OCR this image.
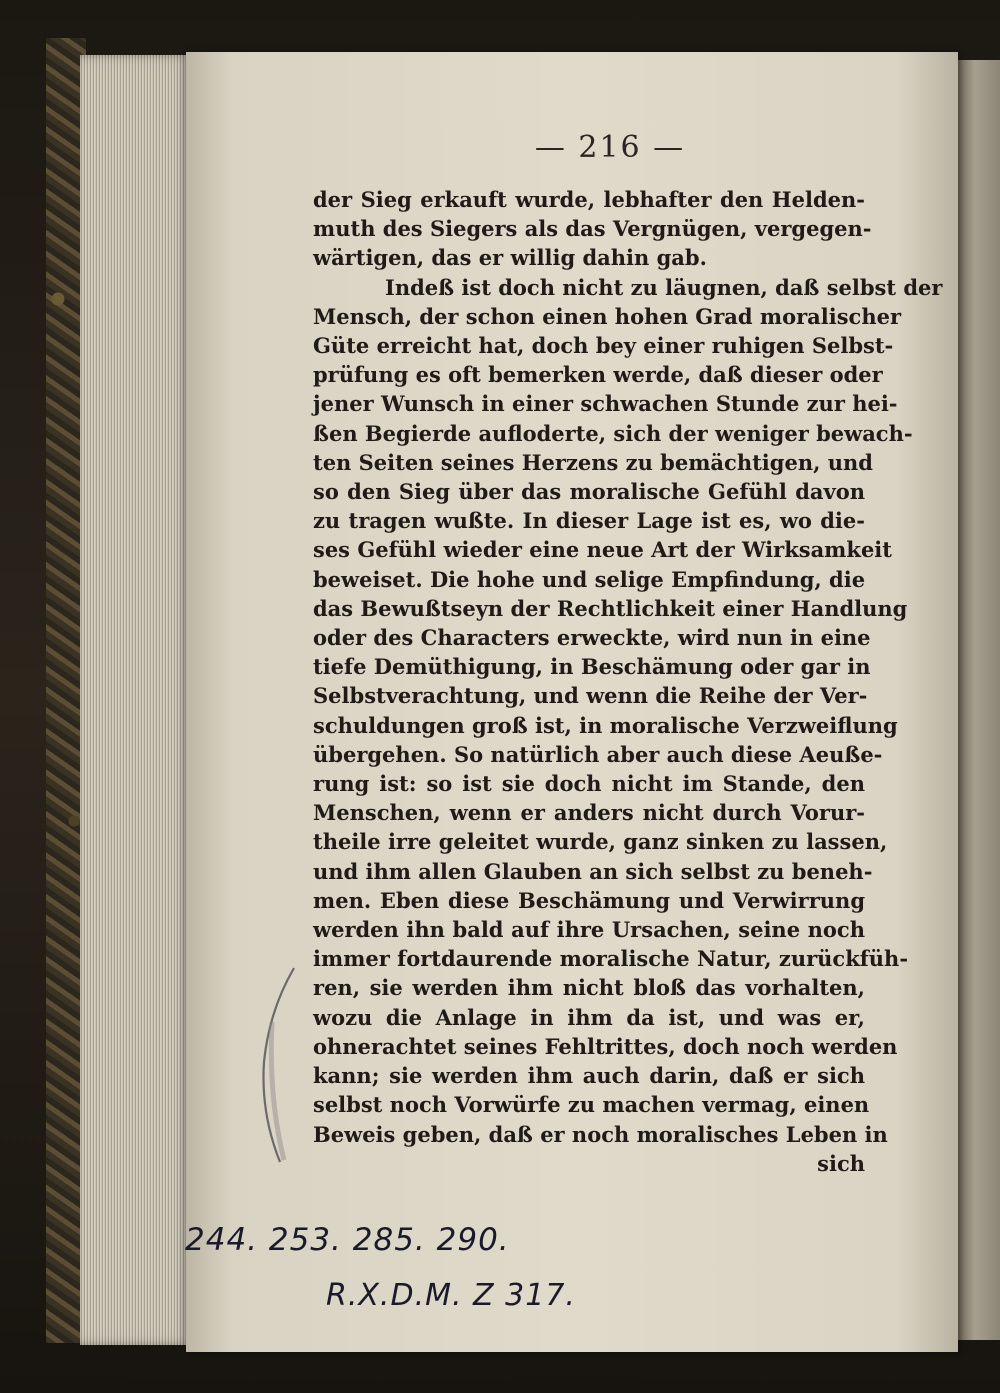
— 216 —
der Sieg erkauft wurde, lebhafter den Helden-
muth des Siegers als das Vergnügen, vergegen-
wärtigen, das er willig dahin gab.
Indeß ist doch nicht zu läugnen, daß selbst der
Mensch, der schon einen hohen Grad moralischer
Güte erreicht hat, doch bey einer ruhigen Selbst-
prüfung es oft bemerken werde, daß dieser oder
jener Wunsch in einer schwachen Stunde zur hei-
ßen Begierde aufloderte, sich der weniger bewach-
ten Seiten seines Herzens zu bemächtigen, und
so den Sieg über das moralische Gefühl davon
zu tragen wußte. In dieser Lage ist es, wo die-
ses Gefühl wieder eine neue Art der Wirksamkeit
beweiset. Die hohe und selige Empfindung, die
das Bewußtseyn der Rechtlichkeit einer Handlung
oder des Characters erweckte, wird nun in eine
tiefe Demüthigung, in Beschämung oder gar in
Selbstverachtung, und wenn die Reihe der Ver-
schuldungen groß ist, in moralische Verzweiflung
übergehen. So natürlich aber auch diese Aeuße-
rung ist: so ist sie doch nicht im Stande, den
Menschen, wenn er anders nicht durch Vorur-
theile irre geleitet wurde, ganz sinken zu lassen,
und ihm allen Glauben an sich selbst zu beneh-
men. Eben diese Beschämung und Verwirrung
werden ihn bald auf ihre Ursachen, seine noch
immer fortdaurende moralische Natur, zurückfüh-
ren, sie werden ihm nicht bloß das vorhalten,
wozu die Anlage in ihm da ist, und was er,
ohnerachtet seines Fehltrittes, doch noch werden
kann; sie werden ihm auch darin, daß er sich
selbst noch Vorwürfe zu machen vermag, einen
Beweis geben, daß er noch moralisches Leben in
sich
244. 253. 285. 290.
R.X.D.M. Z 317.
